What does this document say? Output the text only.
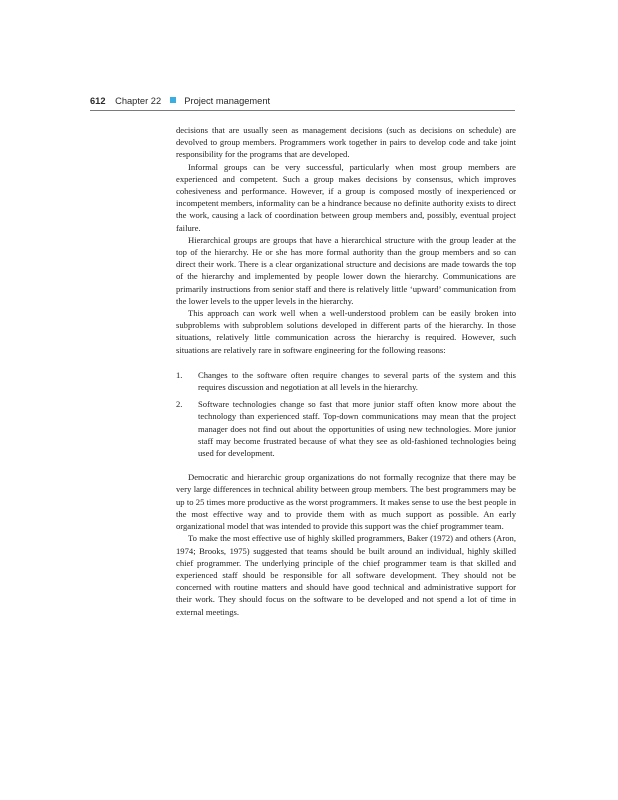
612 Chapter 22 Project management

decisions that are usually seen as management decisions (such as decisions on schedule) are devolved to group members. Programmers work together in pairs to develop code and take joint responsibility for the programs that are developed.

Informal groups can be very successful, particularly when most group members are experienced and competent. Such a group makes decisions by consensus, which improves cohesiveness and performance. However, if a group is composed mostly of inexperienced or incompetent members, informality can be a hindrance because no definite authority exists to direct the work, causing a lack of coordination between group members and, possibly, eventual project failure.

Hierarchical groups are groups that have a hierarchical structure with the group leader at the top of the hierarchy. He or she has more formal authority than the group members and so can direct their work. There is a clear organizational structure and decisions are made towards the top of the hierarchy and implemented by people lower down the hierarchy. Communications are primarily instructions from senior staff and there is relatively little ‘upward’ communication from the lower levels to the upper levels in the hierarchy.

This approach can work well when a well-understood problem can be easily broken into subproblems with subproblem solutions developed in different parts of the hierarchy. In those situations, relatively little communication across the hierarchy is required. However, such situations are relatively rare in software engineering for the following reasons:

1. Changes to the software often require changes to several parts of the system and this requires discussion and negotiation at all levels in the hierarchy.
2. Software technologies change so fast that more junior staff often know more about the technology than experienced staff. Top-down communications may mean that the project manager does not find out about the opportunities of using new technologies. More junior staff may become frustrated because of what they see as old-fashioned technologies being used for development.

Democratic and hierarchic group organizations do not formally recognize that there may be very large differences in technical ability between group members. The best programmers may be up to 25 times more productive as the worst programmers. It makes sense to use the best people in the most effective way and to provide them with as much support as possible. An early organizational model that was intended to provide this support was the chief programmer team.

To make the most effective use of highly skilled programmers, Baker (1972) and others (Aron, 1974; Brooks, 1975) suggested that teams should be built around an individual, highly skilled chief programmer. The underlying principle of the chief programmer team is that skilled and experienced staff should be responsible for all software development. They should not be concerned with routine matters and should have good technical and administrative support for their work. They should focus on the software to be developed and not spend a lot of time in external meetings.
